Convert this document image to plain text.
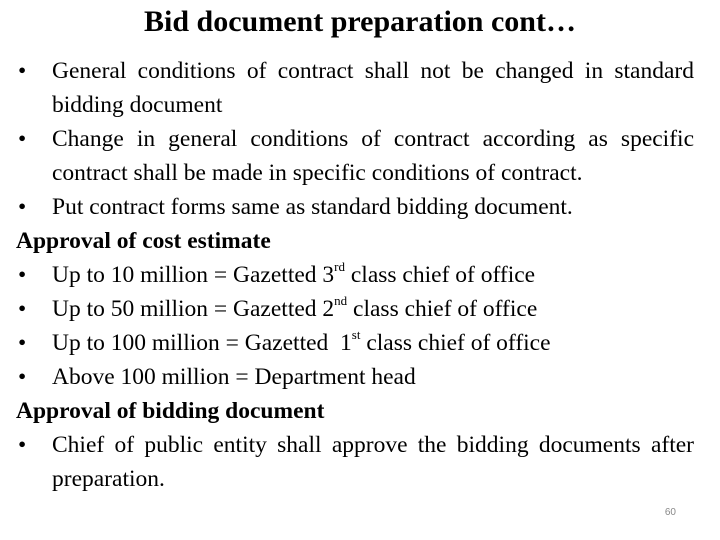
Bid document preparation cont…
•	General conditions of contract shall not be changed in standard bidding document
•	Change in general conditions of contract according as specific contract shall be made in specific conditions of contract.
•	Put contract forms same as standard bidding document.
Approval of cost estimate
•	Up to 10 million = Gazetted 3rd class chief of office
•	Up to 50 million = Gazetted 2nd class chief of office
•	Up to 100 million = Gazetted  1st class chief of office
•	Above 100 million = Department head
Approval of bidding document
•	Chief of public entity shall approve the bidding documents after preparation.
60
